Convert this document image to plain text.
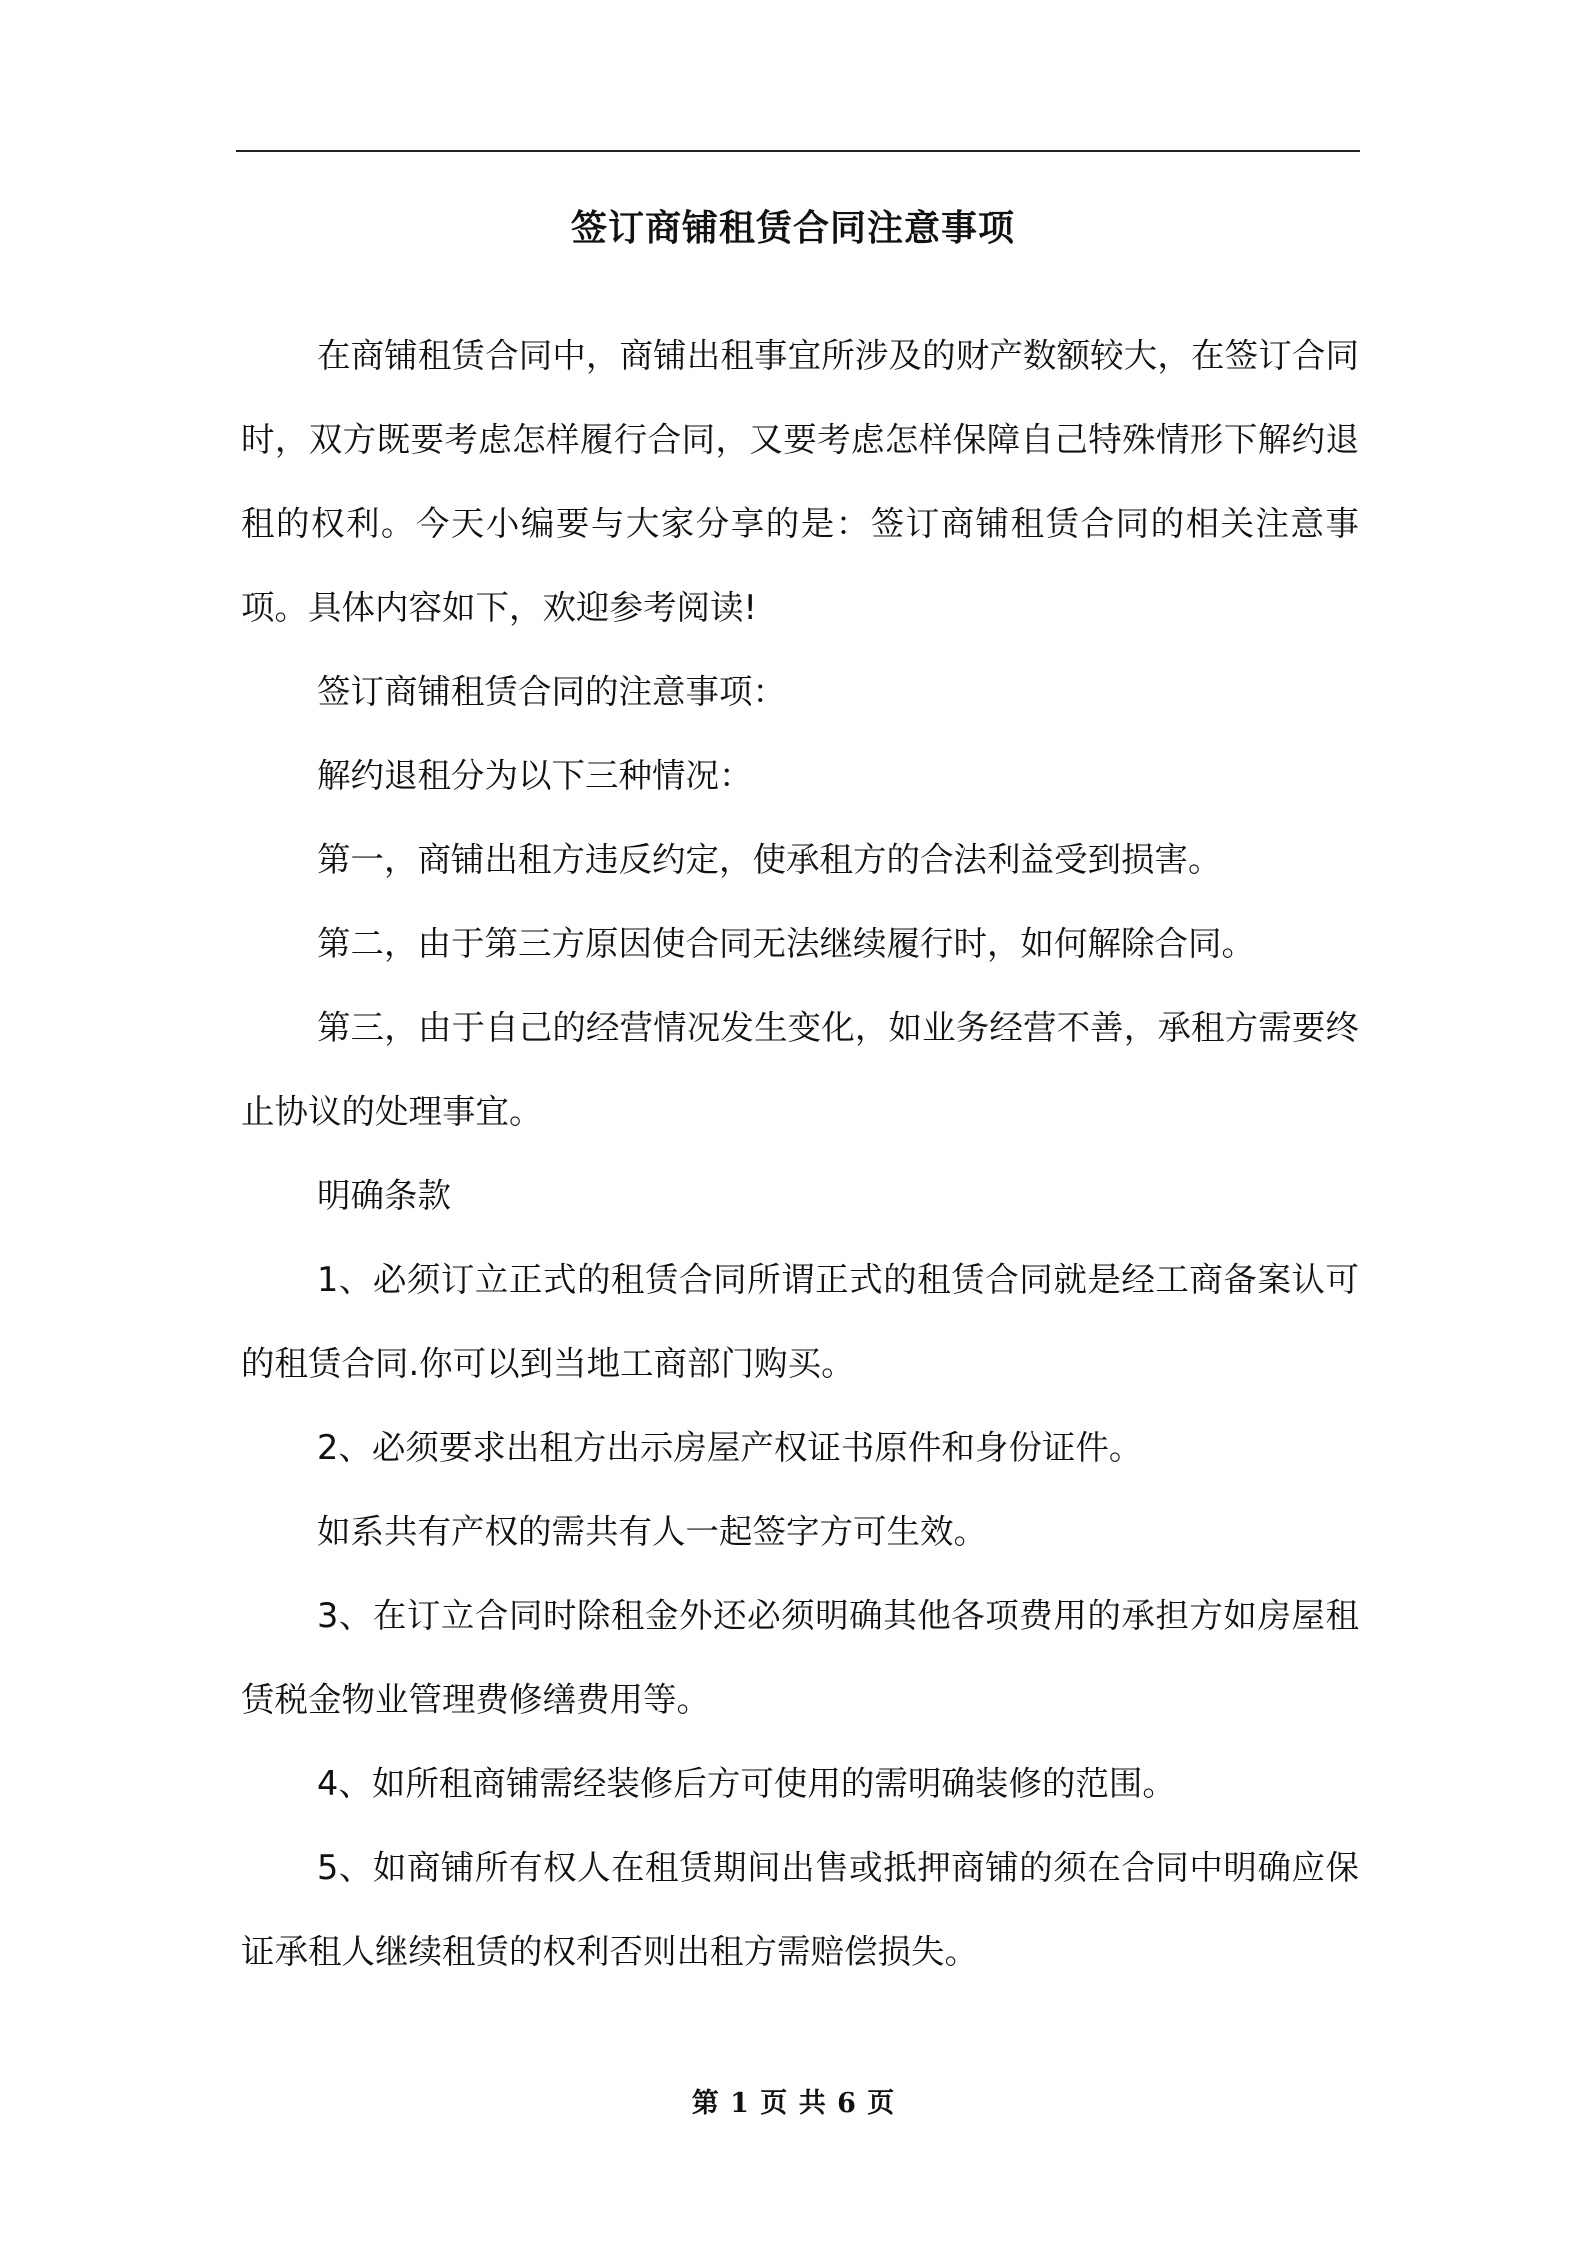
签订商铺租赁合同注意事项

在商铺租赁合同中，商铺出租事宜所涉及的财产数额较大，在签订合同时，双方既要考虑怎样履行合同，又要考虑怎样保障自己特殊情形下解约退租的权利。今天小编要与大家分享的是：签订商铺租赁合同的相关注意事项。具体内容如下，欢迎参考阅读!

签订商铺租赁合同的注意事项：

解约退租分为以下三种情况：

第一，商铺出租方违反约定，使承租方的合法利益受到损害。

第二，由于第三方原因使合同无法继续履行时，如何解除合同。

第三，由于自己的经营情况发生变化，如业务经营不善，承租方需要终止协议的处理事宜。

明确条款

1、必须订立正式的租赁合同所谓正式的租赁合同就是经工商备案认可的租赁合同.你可以到当地工商部门购买。

2、必须要求出租方出示房屋产权证书原件和身份证件。

如系共有产权的需共有人一起签字方可生效。

3、在订立合同时除租金外还必须明确其他各项费用的承担方如房屋租赁税金物业管理费修缮费用等。

4、如所租商铺需经装修后方可使用的需明确装修的范围。

5、如商铺所有权人在租赁期间出售或抵押商铺的须在合同中明确应保证承租人继续租赁的权利否则出租方需赔偿损失。

第 1 页 共 6 页
